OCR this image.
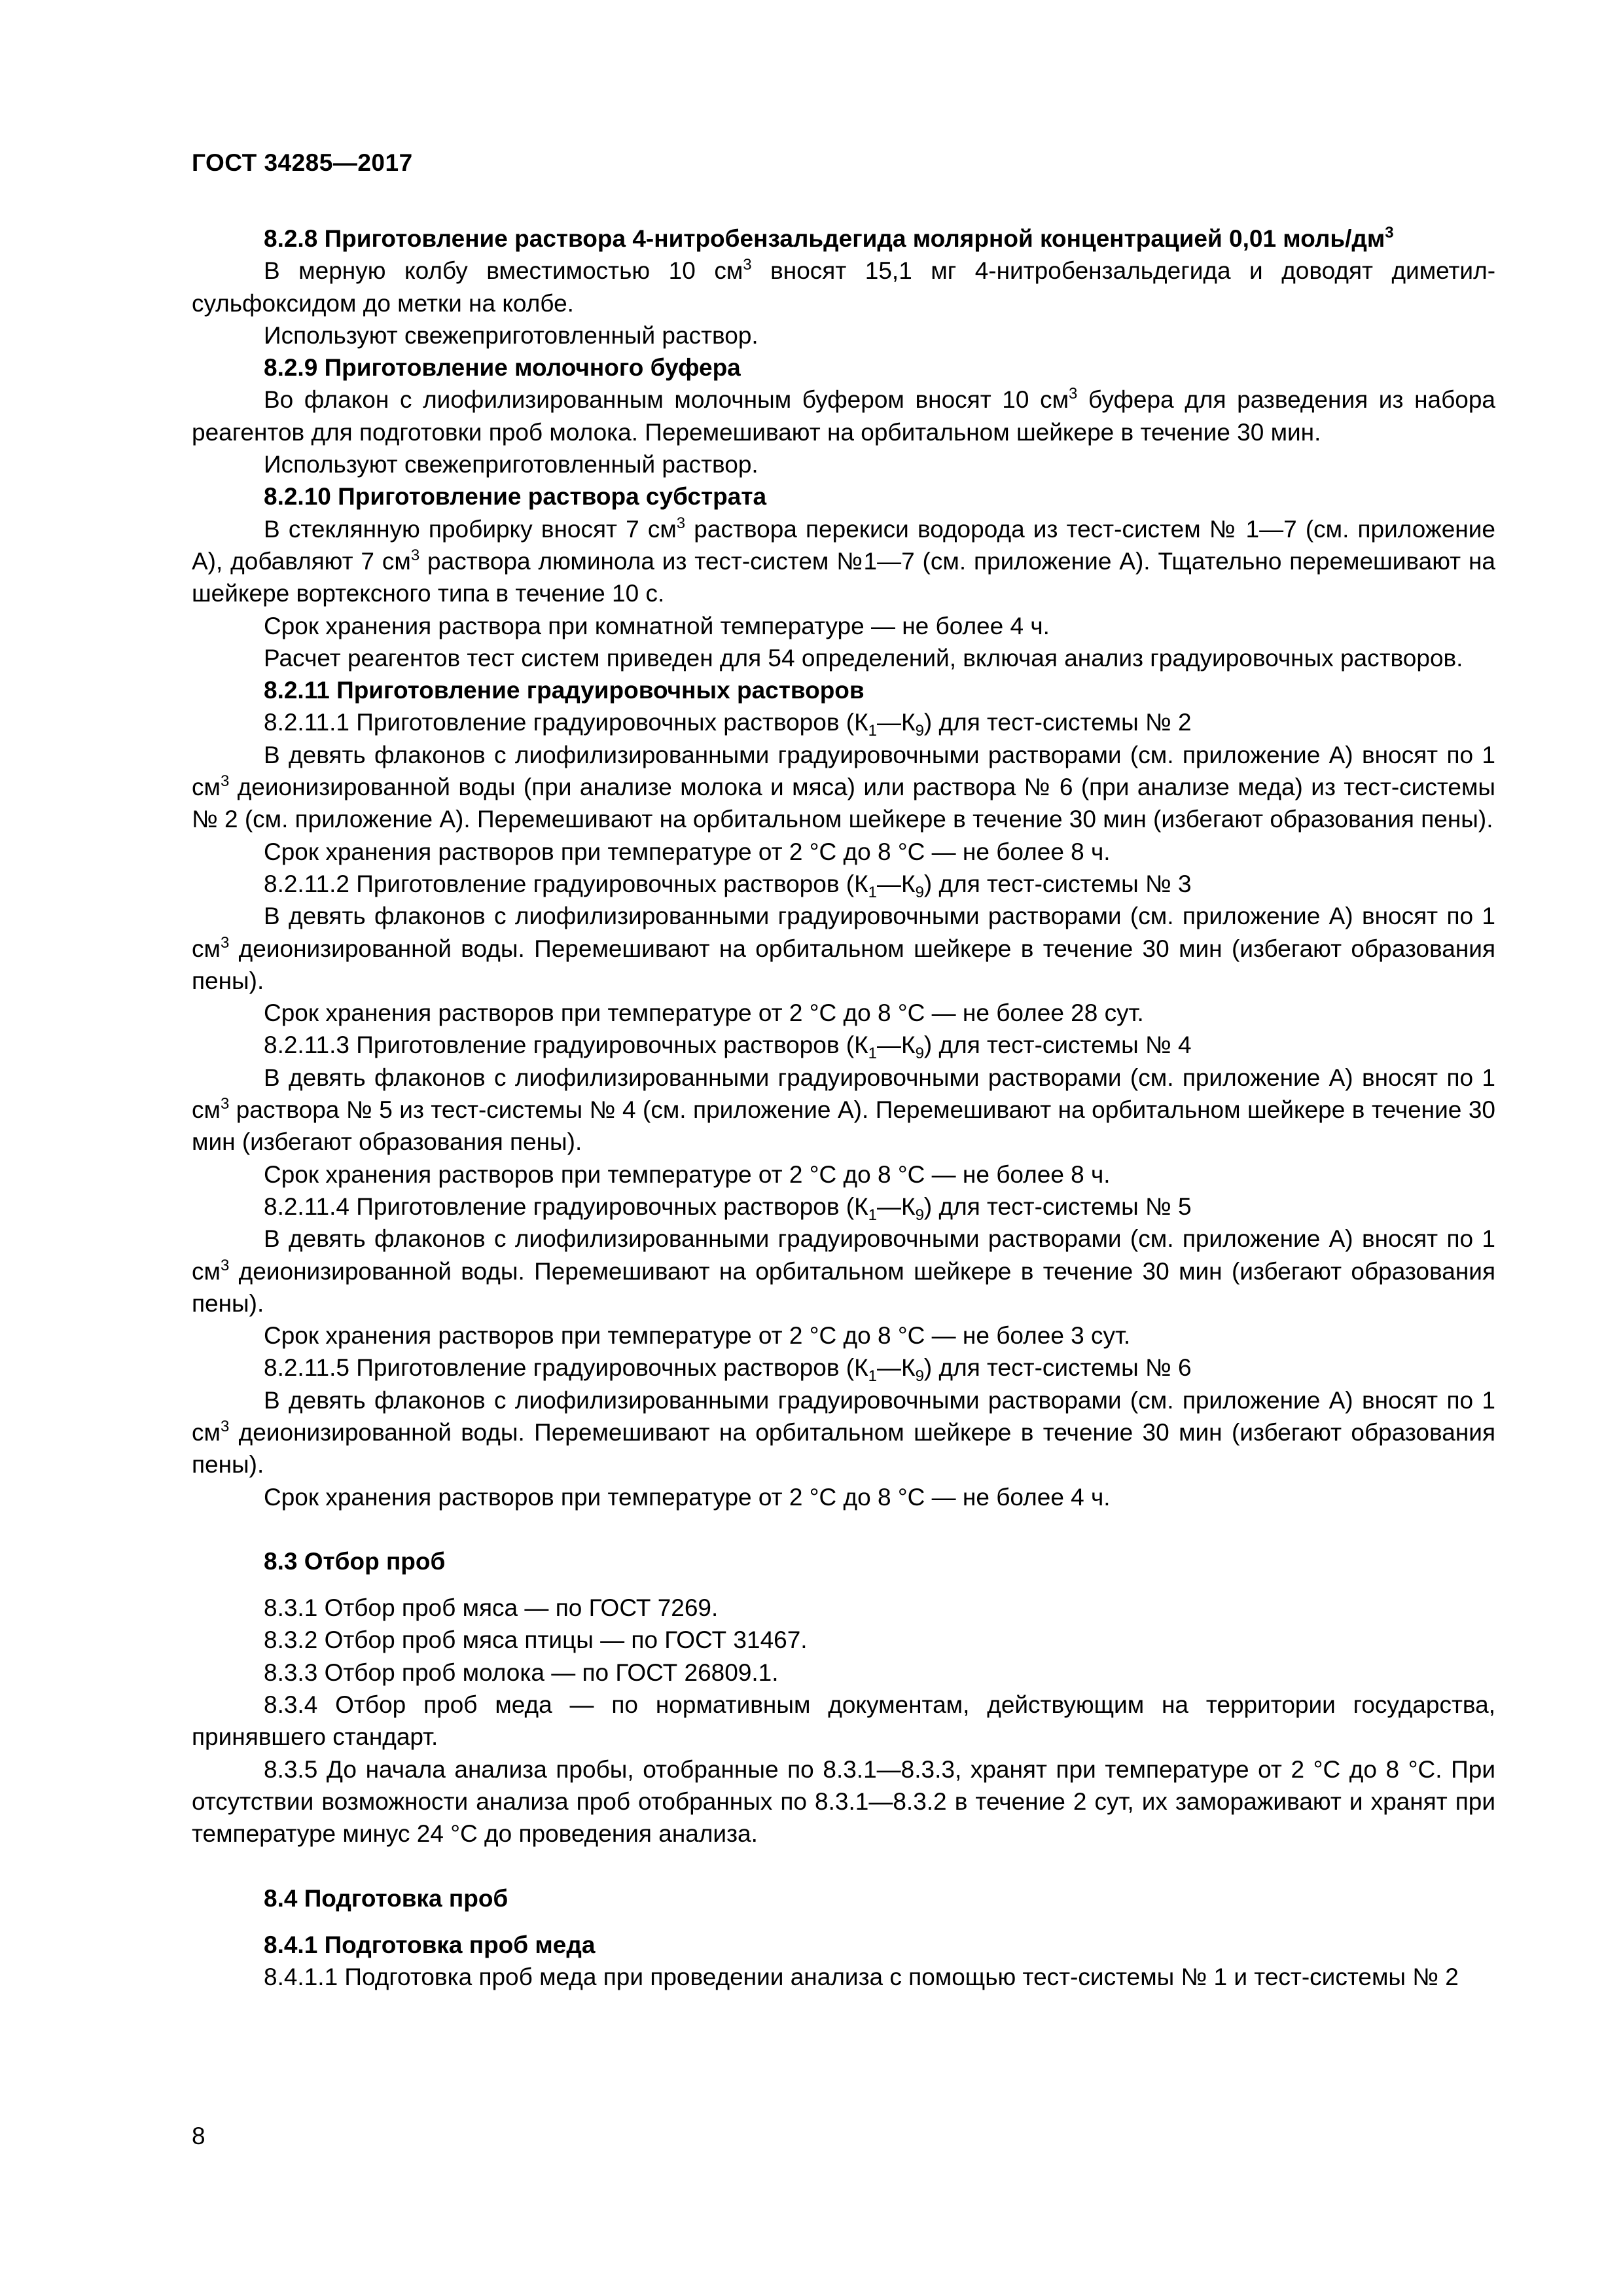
ГОСТ 34285—2017

8.2.8 Приготовление раствора 4-нитробензальдегида молярной концентрацией 0,01 моль/$дм^3$

В мерную колбу вместимостью 10 $см^3$ вносят 15,1 мг 4-нитробензальдегида и доводят диметил-сульфоксидом до метки на колбе.

Используют свежеприготовленный раствор.

8.2.9 Приготовление молочного буфера

Во флакон с лиофилизированным молочным буфером вносят 10 $см^3$ буфера для разведения из набора реагентов для подготовки проб молока. Перемешивают на орбитальном шейкере в течение 30 мин.

Используют свежеприготовленный раствор.

8.2.10 Приготовление раствора субстрата

В стеклянную пробирку вносят 7 $см^3$ раствора перекиси водорода из тест-систем № 1—7 (см. приложение А), добавляют 7 $см^3$ раствора люминола из тест-систем №1—7 (см. приложение А). Тщательно перемешивают на шейкере вортексного типа в течение 10 с.

Срок хранения раствора при комнатной температуре — не более 4 ч.

Расчет реагентов тест систем приведен для 54 определений, включая анализ градуировочных растворов.

8.2.11 Приготовление градуировочных растворов

8.2.11.1 Приготовление градуировочных растворов $(К_1—К_9)$ для тест-системы № 2

В девять флаконов с лиофилизированными градуировочными растворами (см. приложение А) вносят по 1 $см^3$ деионизированной воды (при анализе молока и мяса) или раствора № 6 (при анализе меда) из тест-системы № 2 (см. приложение А). Перемешивают на орбитальном шейкере в течение 30 мин (избегают образования пены).

Срок хранения растворов при температуре от 2 °С до 8 °С — не более 8 ч.

8.2.11.2 Приготовление градуировочных растворов $(К_1—К_9)$ для тест-системы № 3

В девять флаконов с лиофилизированными градуировочными растворами (см. приложение А) вносят по 1 $см^3$ деионизированной воды. Перемешивают на орбитальном шейкере в течение 30 мин (избегают образования пены).

Срок хранения растворов при температуре от 2 °С до 8 °С — не более 28 сут.

8.2.11.3 Приготовление градуировочных растворов $(К_1—К_9)$ для тест-системы № 4

В девять флаконов с лиофилизированными градуировочными растворами (см. приложение А) вносят по 1 $см^3$ раствора № 5 из тест-системы № 4 (см. приложение А). Перемешивают на орбитальном шейкере в течение 30 мин (избегают образования пены).

Срок хранения растворов при температуре от 2 °С до 8 °С — не более 8 ч.

8.2.11.4 Приготовление градуировочных растворов $(К_1—К_9)$ для тест-системы № 5

В девять флаконов с лиофилизированными градуировочными растворами (см. приложение А) вносят по 1 $см^3$ деионизированной воды. Перемешивают на орбитальном шейкере в течение 30 мин (избегают образования пены).

Срок хранения растворов при температуре от 2 °С до 8 °С — не более 3 сут.

8.2.11.5 Приготовление градуировочных растворов $(К_1—К_9)$ для тест-системы № 6

В девять флаконов с лиофилизированными градуировочными растворами (см. приложение А) вносят по 1 $см^3$ деионизированной воды. Перемешивают на орбитальном шейкере в течение 30 мин (избегают образования пены).

Срок хранения растворов при температуре от 2 °С до 8 °С — не более 4 ч.

8.3 Отбор проб

8.3.1 Отбор проб мяса — по ГОСТ 7269.

8.3.2 Отбор проб мяса птицы — по ГОСТ 31467.

8.3.3 Отбор проб молока — по ГОСТ 26809.1.

8.3.4 Отбор проб меда — по нормативным документам, действующим на территории государства, принявшего стандарт.

8.3.5 До начала анализа пробы, отобранные по 8.3.1—8.3.3, хранят при температуре от 2 °С до 8 °С. При отсутствии возможности анализа проб отобранных по 8.3.1—8.3.2 в течение 2 сут, их замораживают и хранят при температуре минус 24 °С до проведения анализа.

8.4 Подготовка проб

8.4.1 Подготовка проб меда

8.4.1.1 Подготовка проб меда при проведении анализа с помощью тест-системы № 1 и тест-системы № 2

8
